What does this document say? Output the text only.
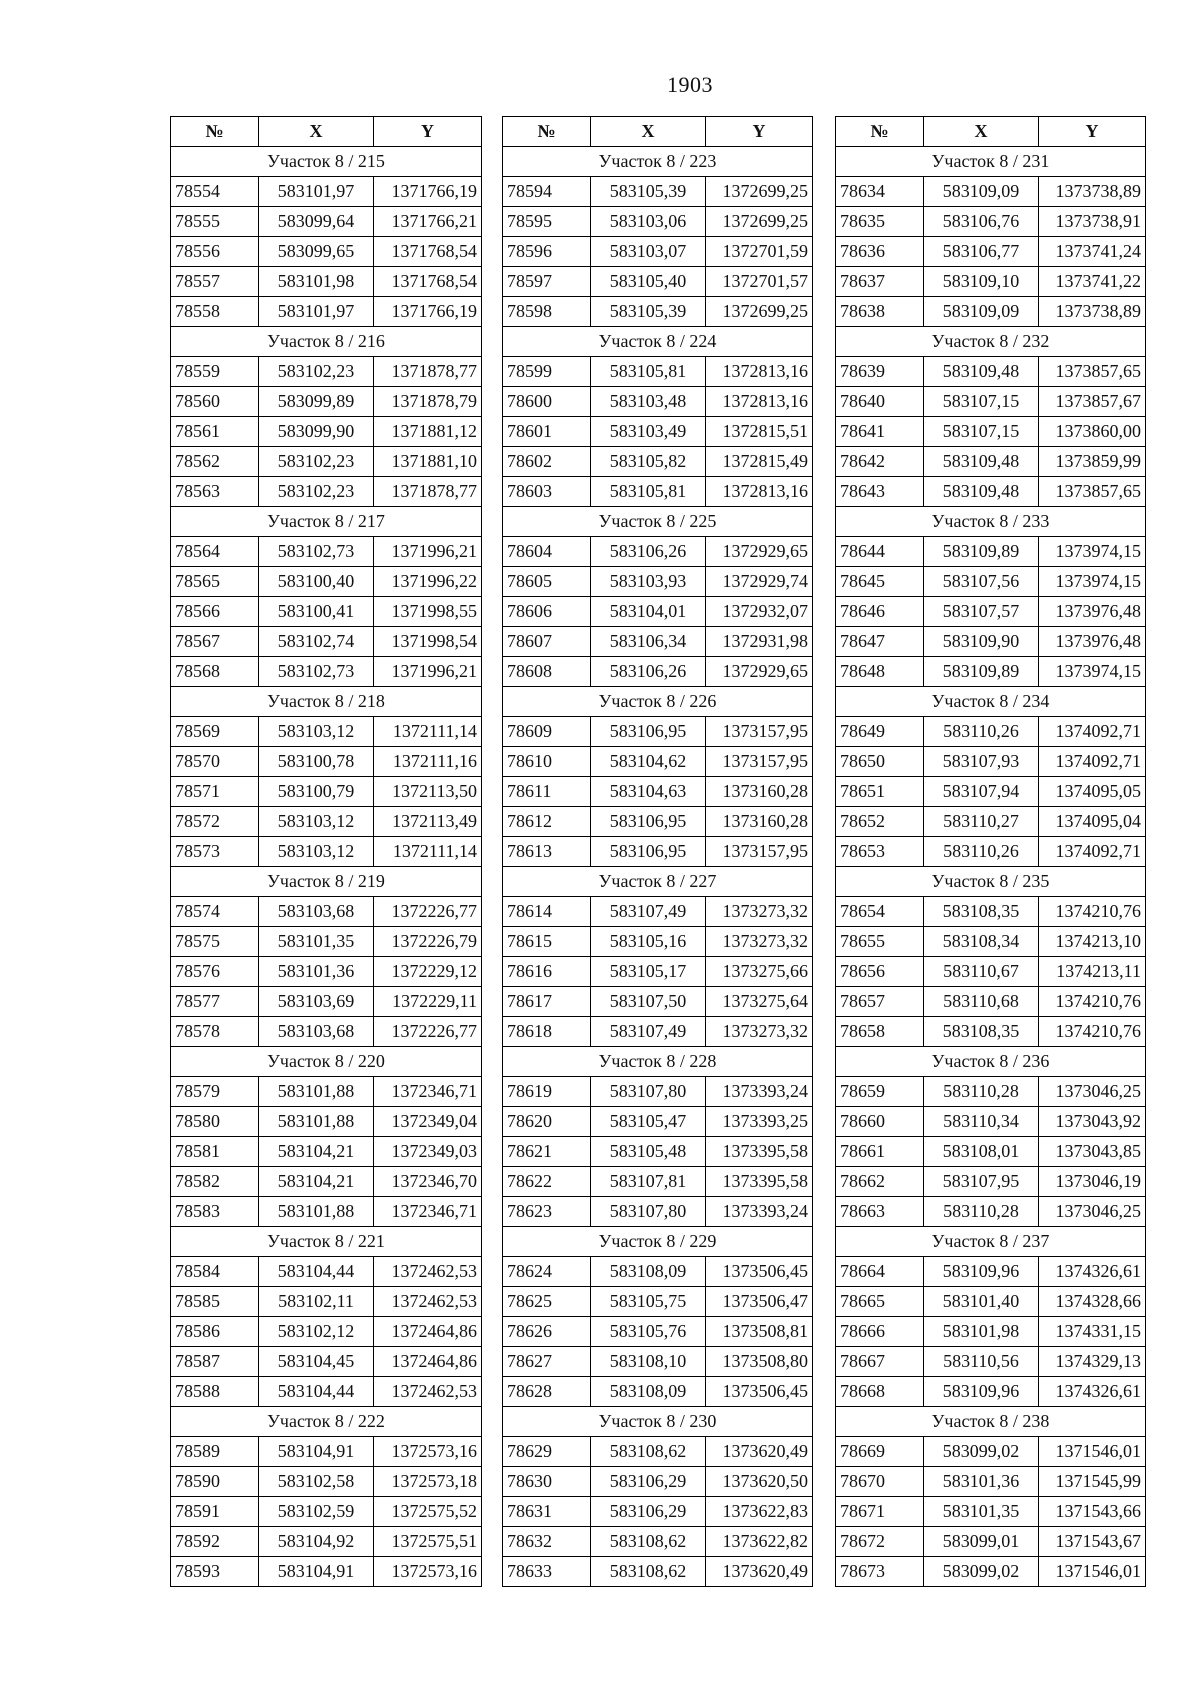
1903
№	X	Y
Участок 8 / 215		
78554	583101,97	1371766,19
78555	583099,64	1371766,21
78556	583099,65	1371768,54
78557	583101,98	1371768,54
78558	583101,97	1371766,19
Участок 8 / 216		
78559	583102,23	1371878,77
78560	583099,89	1371878,79
78561	583099,90	1371881,12
78562	583102,23	1371881,10
78563	583102,23	1371878,77
Участок 8 / 217		
78564	583102,73	1371996,21
78565	583100,40	1371996,22
78566	583100,41	1371998,55
78567	583102,74	1371998,54
78568	583102,73	1371996,21
Участок 8 / 218		
78569	583103,12	1372111,14
78570	583100,78	1372111,16
78571	583100,79	1372113,50
78572	583103,12	1372113,49
78573	583103,12	1372111,14
Участок 8 / 219		
78574	583103,68	1372226,77
78575	583101,35	1372226,79
78576	583101,36	1372229,12
78577	583103,69	1372229,11
78578	583103,68	1372226,77
Участок 8 / 220		
78579	583101,88	1372346,71
78580	583101,88	1372349,04
78581	583104,21	1372349,03
78582	583104,21	1372346,70
78583	583101,88	1372346,71
Участок 8 / 221		
78584	583104,44	1372462,53
78585	583102,11	1372462,53
78586	583102,12	1372464,86
78587	583104,45	1372464,86
78588	583104,44	1372462,53
Участок 8 / 222		
78589	583104,91	1372573,16
78590	583102,58	1372573,18
78591	583102,59	1372575,52
78592	583104,92	1372575,51
78593	583104,91	1372573,16
№	X	Y
Участок 8 / 223		
78594	583105,39	1372699,25
78595	583103,06	1372699,25
78596	583103,07	1372701,59
78597	583105,40	1372701,57
78598	583105,39	1372699,25
Участок 8 / 224		
78599	583105,81	1372813,16
78600	583103,48	1372813,16
78601	583103,49	1372815,51
78602	583105,82	1372815,49
78603	583105,81	1372813,16
Участок 8 / 225		
78604	583106,26	1372929,65
78605	583103,93	1372929,74
78606	583104,01	1372932,07
78607	583106,34	1372931,98
78608	583106,26	1372929,65
Участок 8 / 226		
78609	583106,95	1373157,95
78610	583104,62	1373157,95
78611	583104,63	1373160,28
78612	583106,95	1373160,28
78613	583106,95	1373157,95
Участок 8 / 227		
78614	583107,49	1373273,32
78615	583105,16	1373273,32
78616	583105,17	1373275,66
78617	583107,50	1373275,64
78618	583107,49	1373273,32
Участок 8 / 228		
78619	583107,80	1373393,24
78620	583105,47	1373393,25
78621	583105,48	1373395,58
78622	583107,81	1373395,58
78623	583107,80	1373393,24
Участок 8 / 229		
78624	583108,09	1373506,45
78625	583105,75	1373506,47
78626	583105,76	1373508,81
78627	583108,10	1373508,80
78628	583108,09	1373506,45
Участок 8 / 230		
78629	583108,62	1373620,49
78630	583106,29	1373620,50
78631	583106,29	1373622,83
78632	583108,62	1373622,82
78633	583108,62	1373620,49
№	X	Y
Участок 8 / 231		
78634	583109,09	1373738,89
78635	583106,76	1373738,91
78636	583106,77	1373741,24
78637	583109,10	1373741,22
78638	583109,09	1373738,89
Участок 8 / 232		
78639	583109,48	1373857,65
78640	583107,15	1373857,67
78641	583107,15	1373860,00
78642	583109,48	1373859,99
78643	583109,48	1373857,65
Участок 8 / 233		
78644	583109,89	1373974,15
78645	583107,56	1373974,15
78646	583107,57	1373976,48
78647	583109,90	1373976,48
78648	583109,89	1373974,15
Участок 8 / 234		
78649	583110,26	1374092,71
78650	583107,93	1374092,71
78651	583107,94	1374095,05
78652	583110,27	1374095,04
78653	583110,26	1374092,71
Участок 8 / 235		
78654	583108,35	1374210,76
78655	583108,34	1374213,10
78656	583110,67	1374213,11
78657	583110,68	1374210,76
78658	583108,35	1374210,76
Участок 8 / 236		
78659	583110,28	1373046,25
78660	583110,34	1373043,92
78661	583108,01	1373043,85
78662	583107,95	1373046,19
78663	583110,28	1373046,25
Участок 8 / 237		
78664	583109,96	1374326,61
78665	583101,40	1374328,66
78666	583101,98	1374331,15
78667	583110,56	1374329,13
78668	583109,96	1374326,61
Участок 8 / 238		
78669	583099,02	1371546,01
78670	583101,36	1371545,99
78671	583101,35	1371543,66
78672	583099,01	1371543,67
78673	583099,02	1371546,01
